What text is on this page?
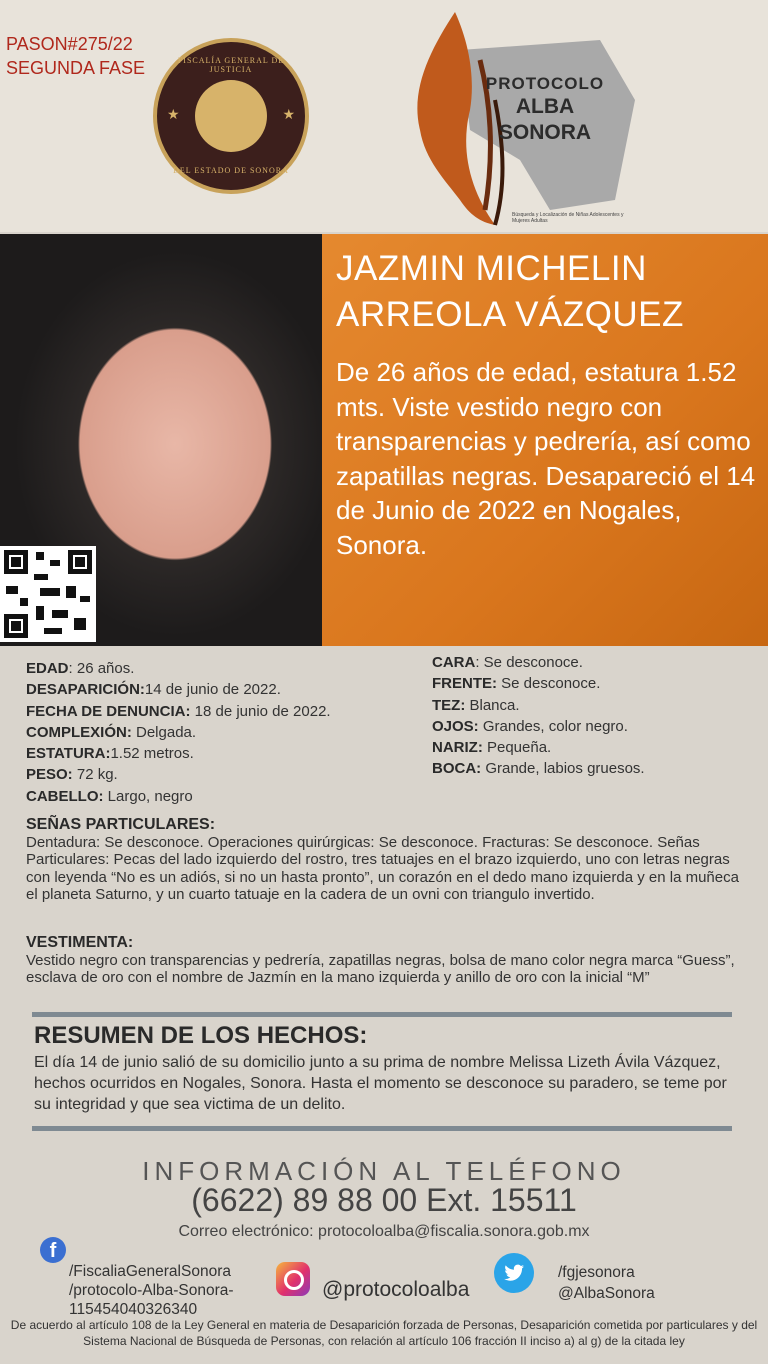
PASON#275/22
SEGUNDA FASE	FISCALÍA GENERAL DE JUSTICIA
★	★
DEL ESTADO DE SONORA
PROTOCOLO
ALBA
SONORA
Búsqueda y Localización de Niñas Adolescentes y Mujeres Adultas
JAZMIN MICHELIN ARREOLA VÁZQUEZ
De 26 años de edad, estatura 1.52 mts. Viste vestido negro con transparencias y pedrería, así como zapatillas negras. Desapareció el 14 de Junio de 2022 en Nogales, Sonora.
EDAD: 26 años.
DESAPARICIÓN:14 de junio de 2022.
FECHA DE DENUNCIA: 18 de junio de 2022.
COMPLEXIÓN: Delgada.
ESTATURA:1.52 metros.
PESO: 72 kg.
CABELLO: Largo, negro
CARA: Se desconoce.
FRENTE: Se desconoce.
TEZ: Blanca.
OJOS: Grandes, color negro.
NARIZ: Pequeña.
BOCA: Grande, labios gruesos.
SEÑAS PARTICULARES:
Dentadura: Se desconoce. Operaciones quirúrgicas: Se desconoce. Fracturas: Se desconoce. Señas Particulares: Pecas del lado izquierdo del rostro, tres tatuajes en el brazo izquierdo, uno con letras negras con leyenda “No es un adiós, si no un hasta pronto”, un corazón en el dedo mano izquierda y en la muñeca el planeta Saturno, y un cuarto tatuaje en la cadera de un ovni con triangulo invertido.
VESTIMENTA:
Vestido negro con transparencias y pedrería, zapatillas negras, bolsa de mano color negra marca “Guess”, esclava de oro con el nombre de Jazmín en la mano izquierda y anillo de oro con la inicial “M”
RESUMEN DE LOS HECHOS:
El día 14 de junio salió de su domicilio junto a su prima de nombre Melissa Lizeth Ávila Vázquez, hechos ocurridos en Nogales, Sonora. Hasta el momento se desconoce su paradero, se teme por su integridad y que sea victima de un delito.
INFORMACIÓN AL TELÉFONO
(6622) 89 88 00 Ext. 15511
Correo electrónico: protocoloalba@fiscalia.sonora.gob.mx
f
/FiscaliaGeneralSonora
/protocolo-Alba-Sonora-
115454040326340
@protocoloalba
/fgjesonora
@AlbaSonora
De acuerdo al artículo 108 de la Ley General en materia de Desaparición forzada de Personas, Desaparición cometida por particulares y del Sistema Nacional de Búsqueda de Personas, con relación al artículo 106 fracción II inciso a) al g) de la citada ley
